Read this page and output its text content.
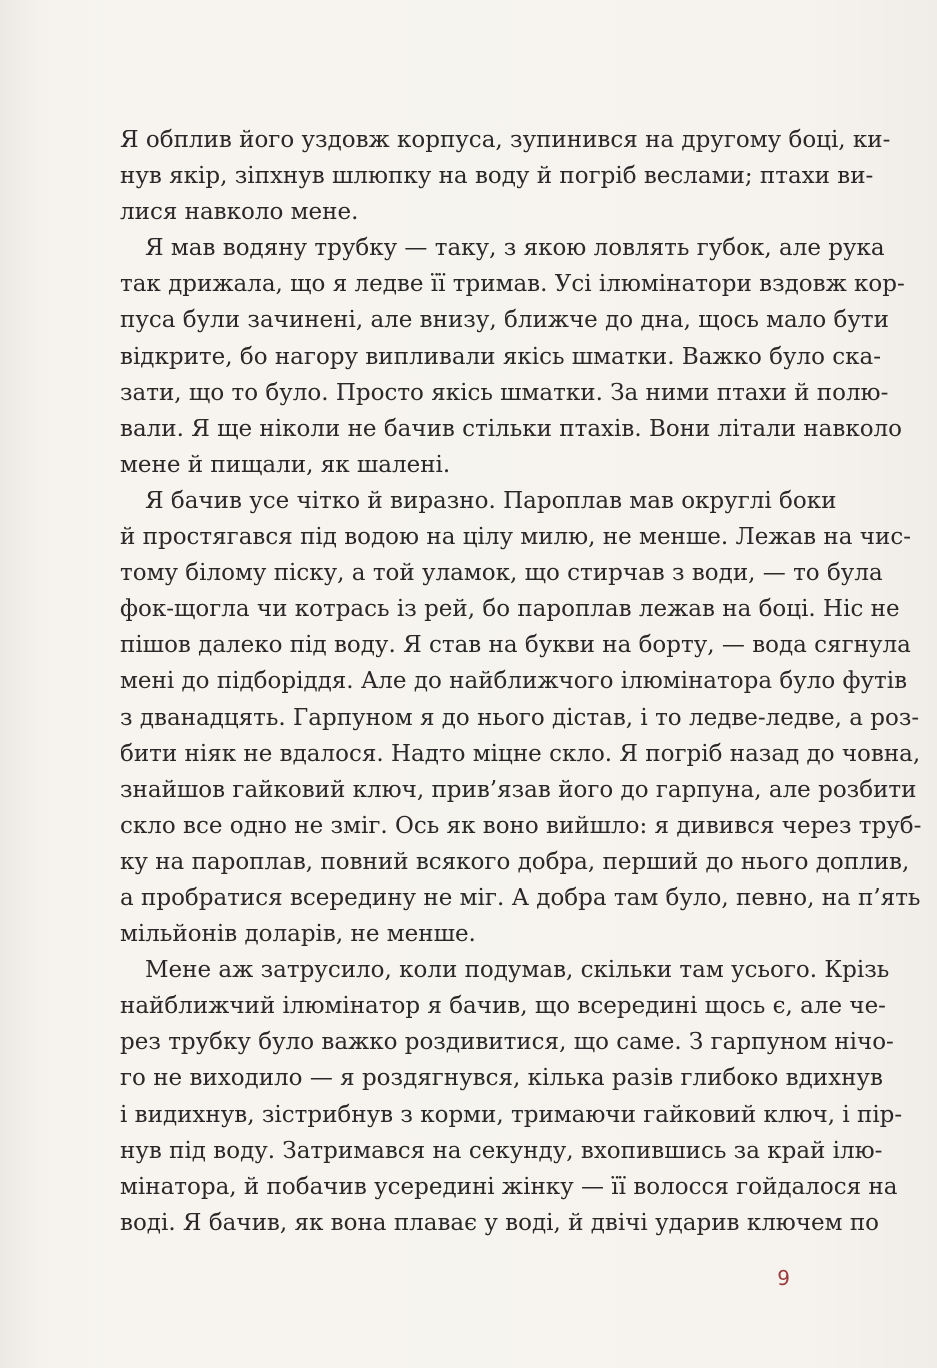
Я обплив його уздовж корпуса, зупинився на другому боці, ки-
нув якір, зіпхнув шлюпку на воду й погріб веслами; птахи ви-
лися навколо мене.
Я мав водяну трубку — таку, з якою ловлять губок, але рука
так дрижала, що я ледве її тримав. Усі ілюмінатори вздовж кор-
пуса були зачинені, але внизу, ближче до дна, щось мало бути
відкрите, бо нагору випливали якісь шматки. Важко було ска-
зати, що то було. Просто якісь шматки. За ними птахи й полю-
вали. Я ще ніколи не бачив стільки птахів. Вони літали навколо
мене й пищали, як шалені.
Я бачив усе чітко й виразно. Пароплав мав округлі боки
й простягався під водою на цілу милю, не менше. Лежав на чис-
тому білому піску, а той уламок, що стирчав з води, — то була
фок-щогла чи котрась із рей, бо пароплав лежав на боці. Ніс не
пішов далеко під воду. Я став на букви на борту, — вода сягнула
мені до підборіддя. Але до найближчого ілюмінатора було футів
з дванадцять. Гарпуном я до нього дістав, і то ледве-ледве, а роз-
бити ніяк не вдалося. Надто міцне скло. Я погріб назад до човна,
знайшов гайковий ключ, прив’язав його до гарпуна, але розбити
скло все одно не зміг. Ось як воно вийшло: я дивився через труб-
ку на пароплав, повний всякого добра, перший до нього доплив,
а пробратися всередину не міг. А добра там було, певно, на п’ять
мільйонів доларів, не менше.
Мене аж затрусило, коли подумав, скільки там усього. Крізь
найближчий ілюмінатор я бачив, що всередині щось є, але че-
рез трубку було важко роздивитися, що саме. З гарпуном нічо-
го не виходило — я роздягнувся, кілька разів глибоко вдихнув
і видихнув, зістрибнув з корми, тримаючи гайковий ключ, і пір-
нув під воду. Затримався на секунду, вхопившись за край ілю-
мінатора, й побачив усередині жінку — її волосся гойдалося на
воді. Я бачив, як вона плаває у воді, й двічі ударив ключем по
9
